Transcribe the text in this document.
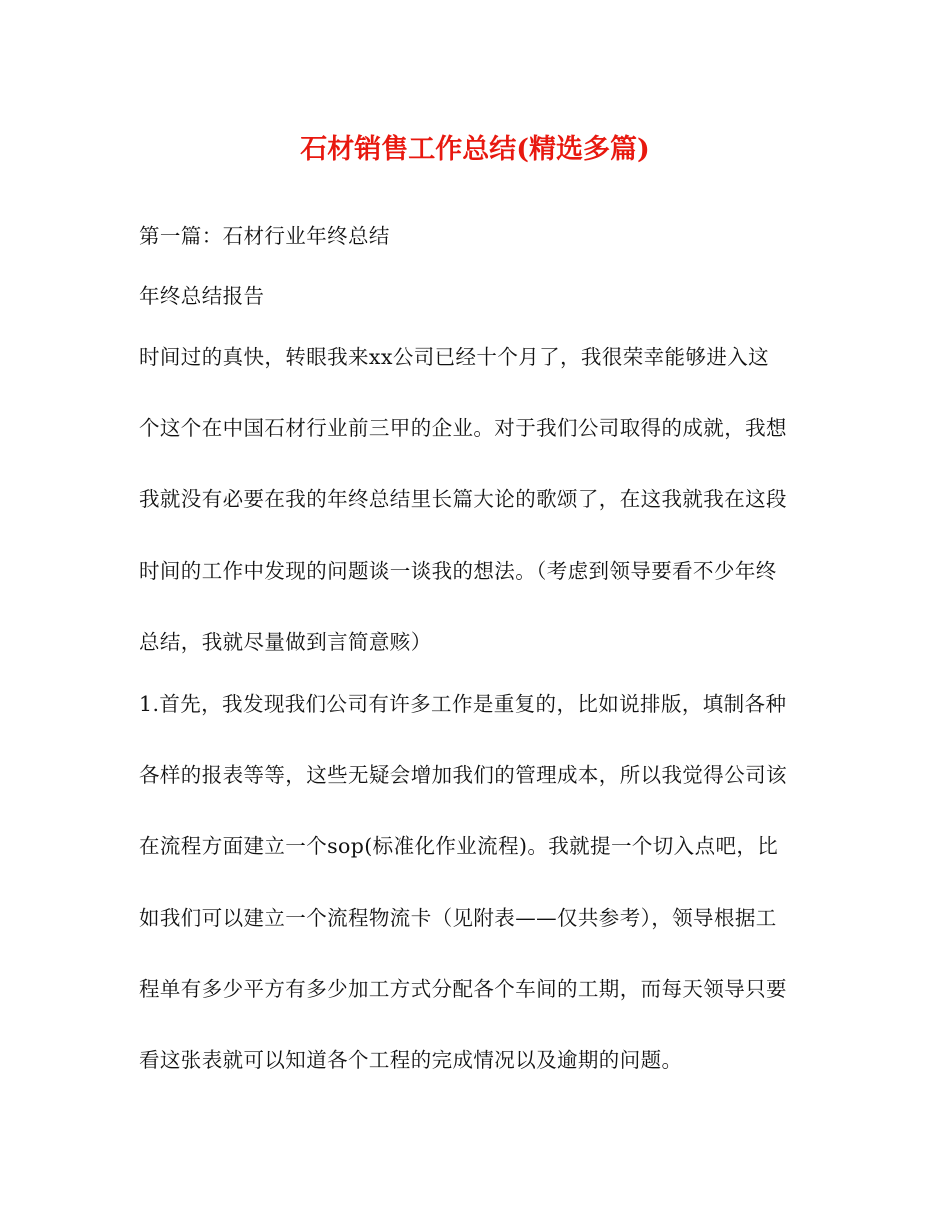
石材销售工作总结(精选多篇)
第一篇：石材行业年终总结
年终总结报告
时间过的真快，转眼我来xx公司已经十个月了，我很荣幸能够进入这
个这个在中国石材行业前三甲的企业。对于我们公司取得的成就，我想
我就没有必要在我的年终总结里长篇大论的歌颂了，在这我就我在这段
时间的工作中发现的问题谈一谈我的想法。（考虑到领导要看不少年终
总结，我就尽量做到言简意赅）
1.首先，我发现我们公司有许多工作是重复的，比如说排版，填制各种
各样的报表等等，这些无疑会增加我们的管理成本，所以我觉得公司该
在流程方面建立一个sop(标准化作业流程)。我就提一个切入点吧，比
如我们可以建立一个流程物流卡（见附表——仅共参考），领导根据工
程单有多少平方有多少加工方式分配各个车间的工期，而每天领导只要
看这张表就可以知道各个工程的完成情况以及逾期的问题。
